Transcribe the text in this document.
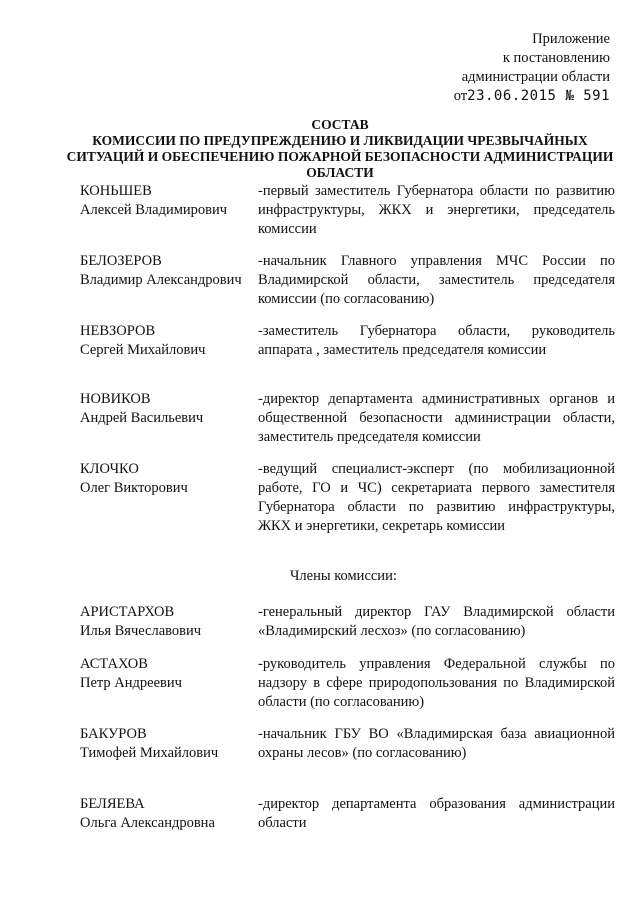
Приложение
к постановлению
администрации области
от23.06.2015 № 591
СОСТАВ
КОМИССИИ ПО ПРЕДУПРЕЖДЕНИЮ И ЛИКВИДАЦИИ ЧРЕЗВЫЧАЙНЫХ
СИТУАЦИЙ И ОБЕСПЕЧЕНИЮ ПОЖАРНОЙ БЕЗОПАСНОСТИ АДМИНИСТРАЦИИ
ОБЛАСТИ
КОНЬШЕВ
Алексей Владимирович
-первый заместитель Губернатора области по развитию инфраструктуры, ЖКХ и энергетики, председатель комиссии
БЕЛОЗЕРОВ
Владимир Александрович
-начальник Главного управления МЧС России по Владимирской области, заместитель председателя комиссии (по согласованию)
НЕВЗОРОВ
Сергей Михайлович
-заместитель Губернатора области, руководитель аппарата , заместитель председателя комиссии
НОВИКОВ
Андрей Васильевич
-директор департамента административных органов и общественной безопасности администрации области, заместитель председателя комиссии
КЛОЧКО
Олег Викторович
-ведущий специалист-эксперт (по мобилизационной работе, ГО и ЧС) секретариата первого заместителя Губернатора области по развитию инфраструктуры, ЖКХ и энергетики, секретарь комиссии
Члены комиссии:
АРИСТАРХОВ
Илья Вячеславович
-генеральный директор ГАУ Владимирской области «Владимирский лесхоз» (по согласованию)
АСТАХОВ
Петр Андреевич
-руководитель управления Федеральной службы по надзору в сфере природопользования по Владимирской области (по согласованию)
БАКУРОВ
Тимофей Михайлович
-начальник ГБУ ВО «Владимирская база авиационной охраны лесов» (по согласованию)
БЕЛЯЕВА
Ольга Александровна
-директор департамента образования администрации области
